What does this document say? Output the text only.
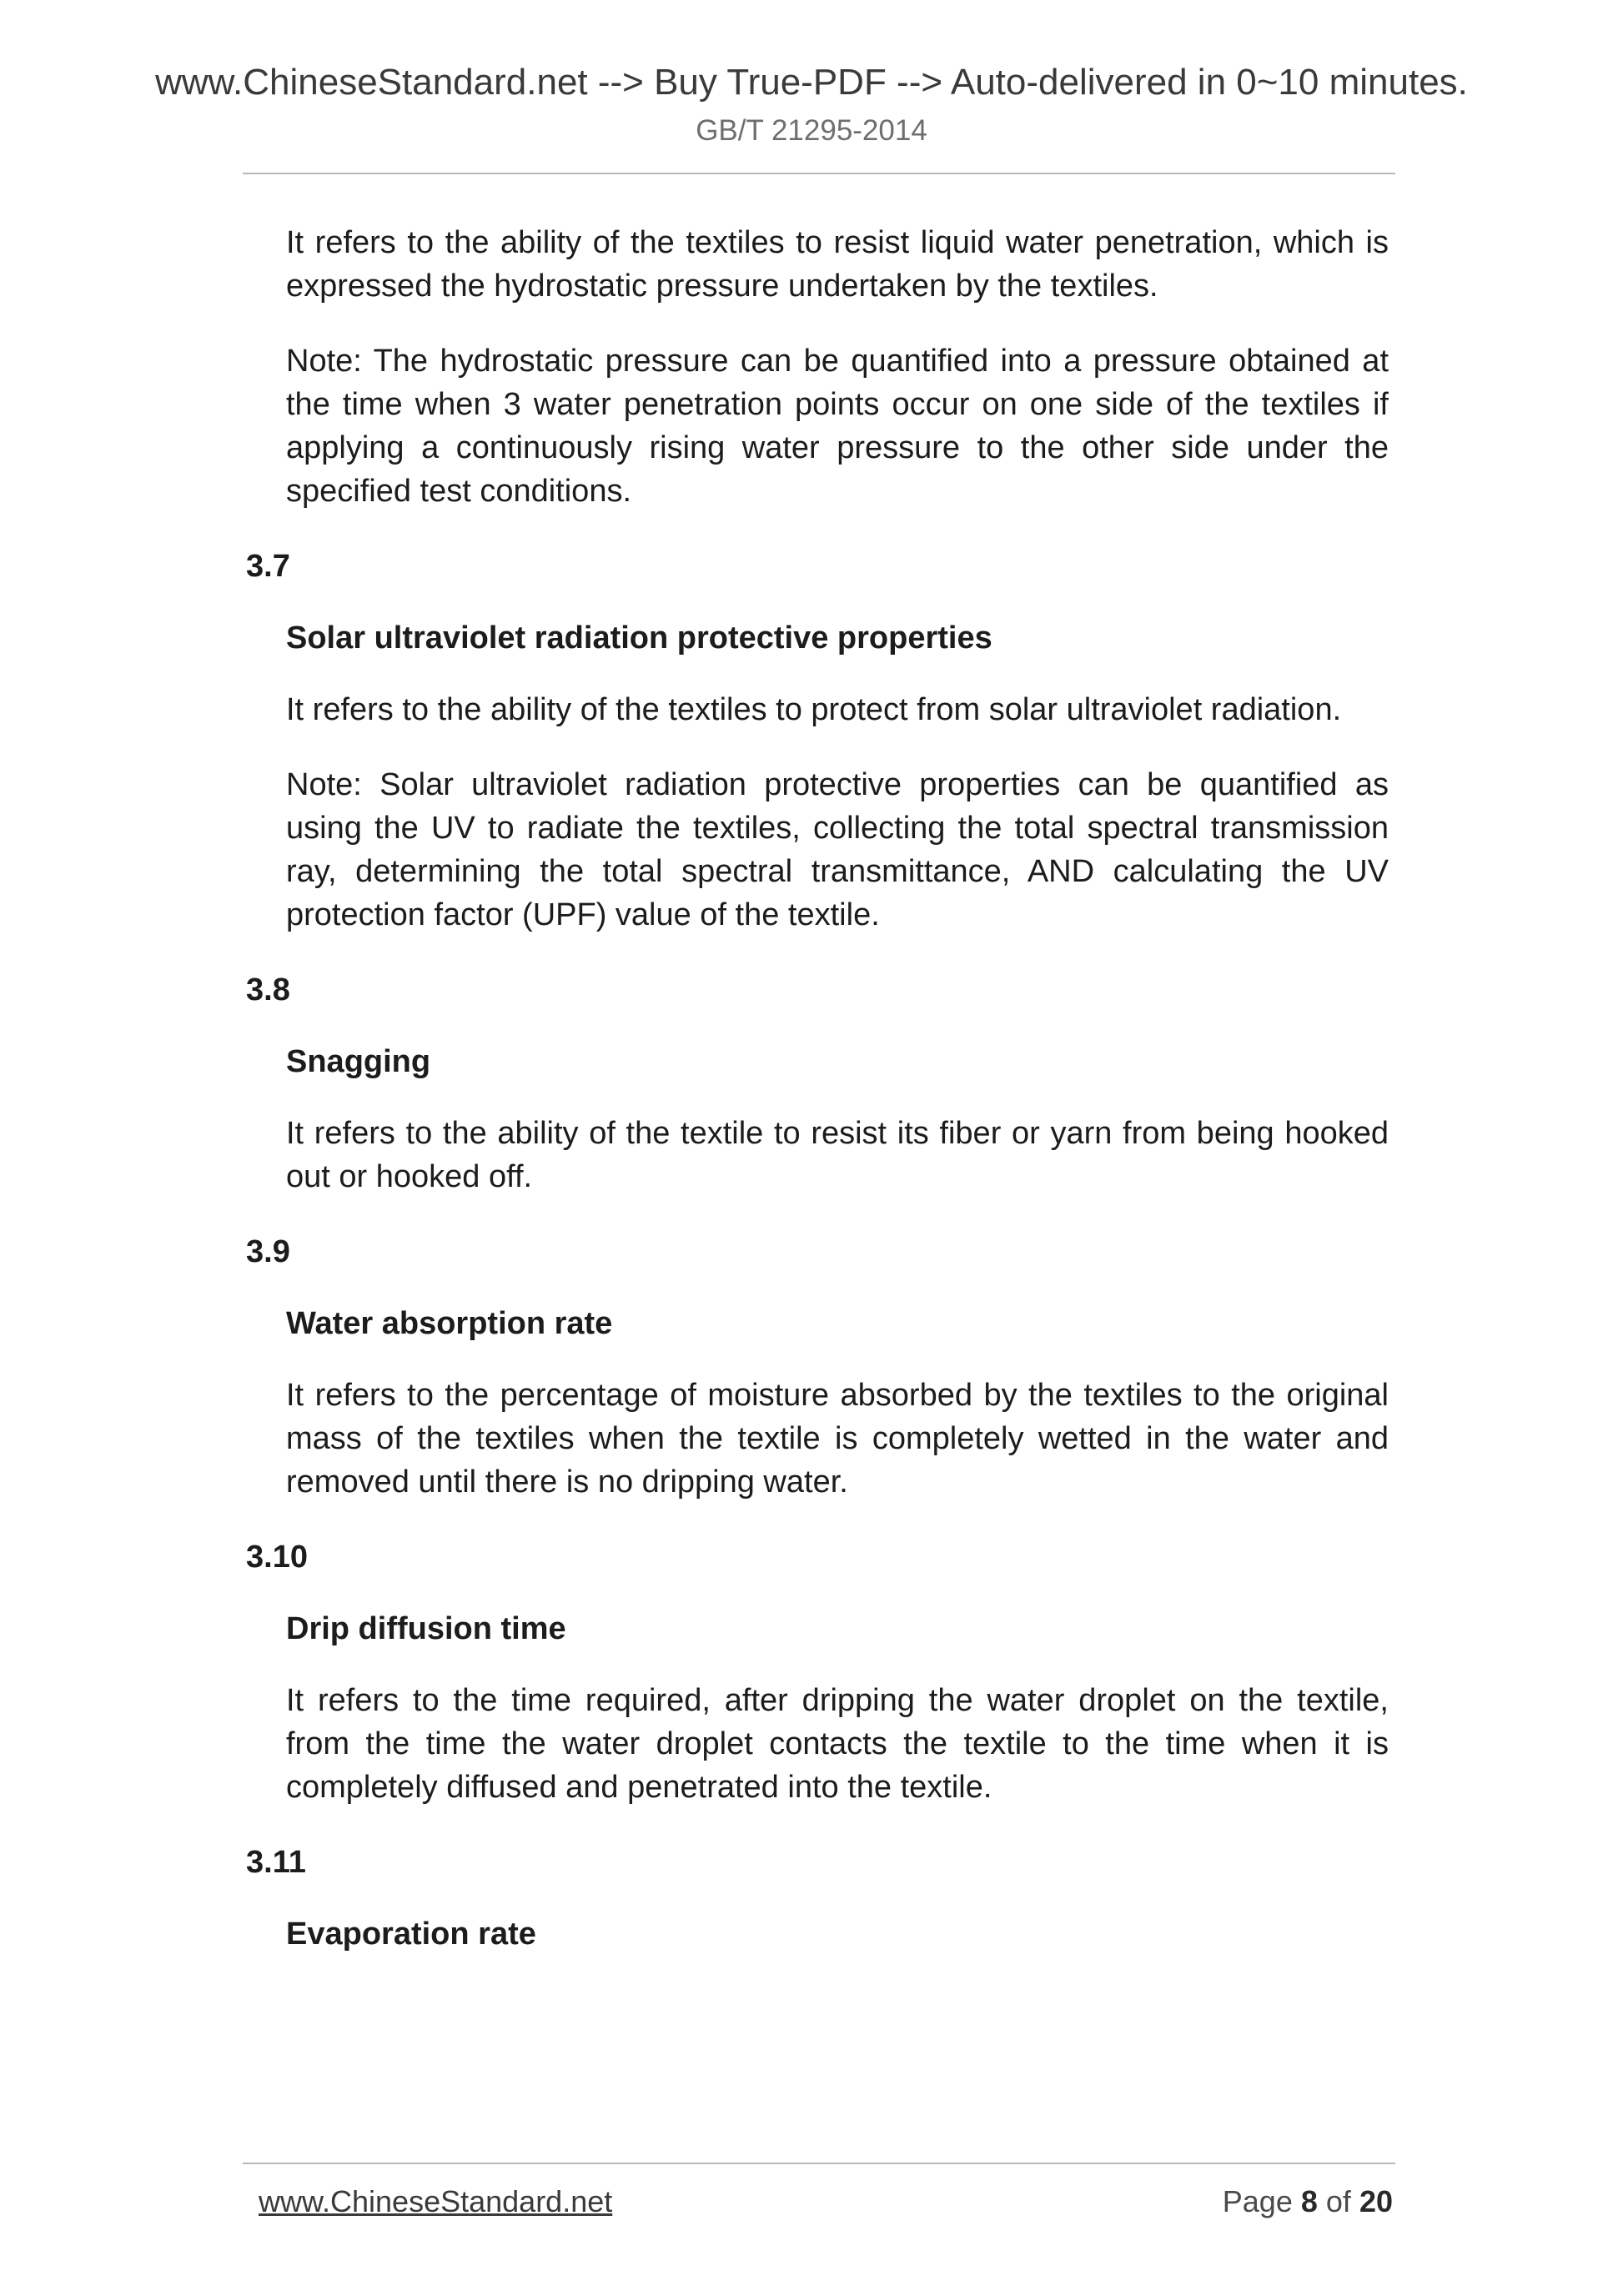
www.ChineseStandard.net --> Buy True-PDF --> Auto-delivered in 0~10 minutes.
GB/T 21295-2014

It refers to the ability of the textiles to resist liquid water penetration, which is expressed the hydrostatic pressure undertaken by the textiles.

Note: The hydrostatic pressure can be quantified into a pressure obtained at the time when 3 water penetration points occur on one side of the textiles if applying a continuously rising water pressure to the other side under the specified test conditions.

3.7
Solar ultraviolet radiation protective properties

It refers to the ability of the textiles to protect from solar ultraviolet radiation.

Note: Solar ultraviolet radiation protective properties can be quantified as using the UV to radiate the textiles, collecting the total spectral transmission ray, determining the total spectral transmittance, AND calculating the UV protection factor (UPF) value of the textile.

3.8
Snagging

It refers to the ability of the textile to resist its fiber or yarn from being hooked out or hooked off.

3.9
Water absorption rate

It refers to the percentage of moisture absorbed by the textiles to the original mass of the textiles when the textile is completely wetted in the water and removed until there is no dripping water.

3.10
Drip diffusion time

It refers to the time required, after dripping the water droplet on the textile, from the time the water droplet contacts the textile to the time when it is completely diffused and penetrated into the textile.

3.11
Evaporation rate
www.ChineseStandard.net	Page 8 of 20
